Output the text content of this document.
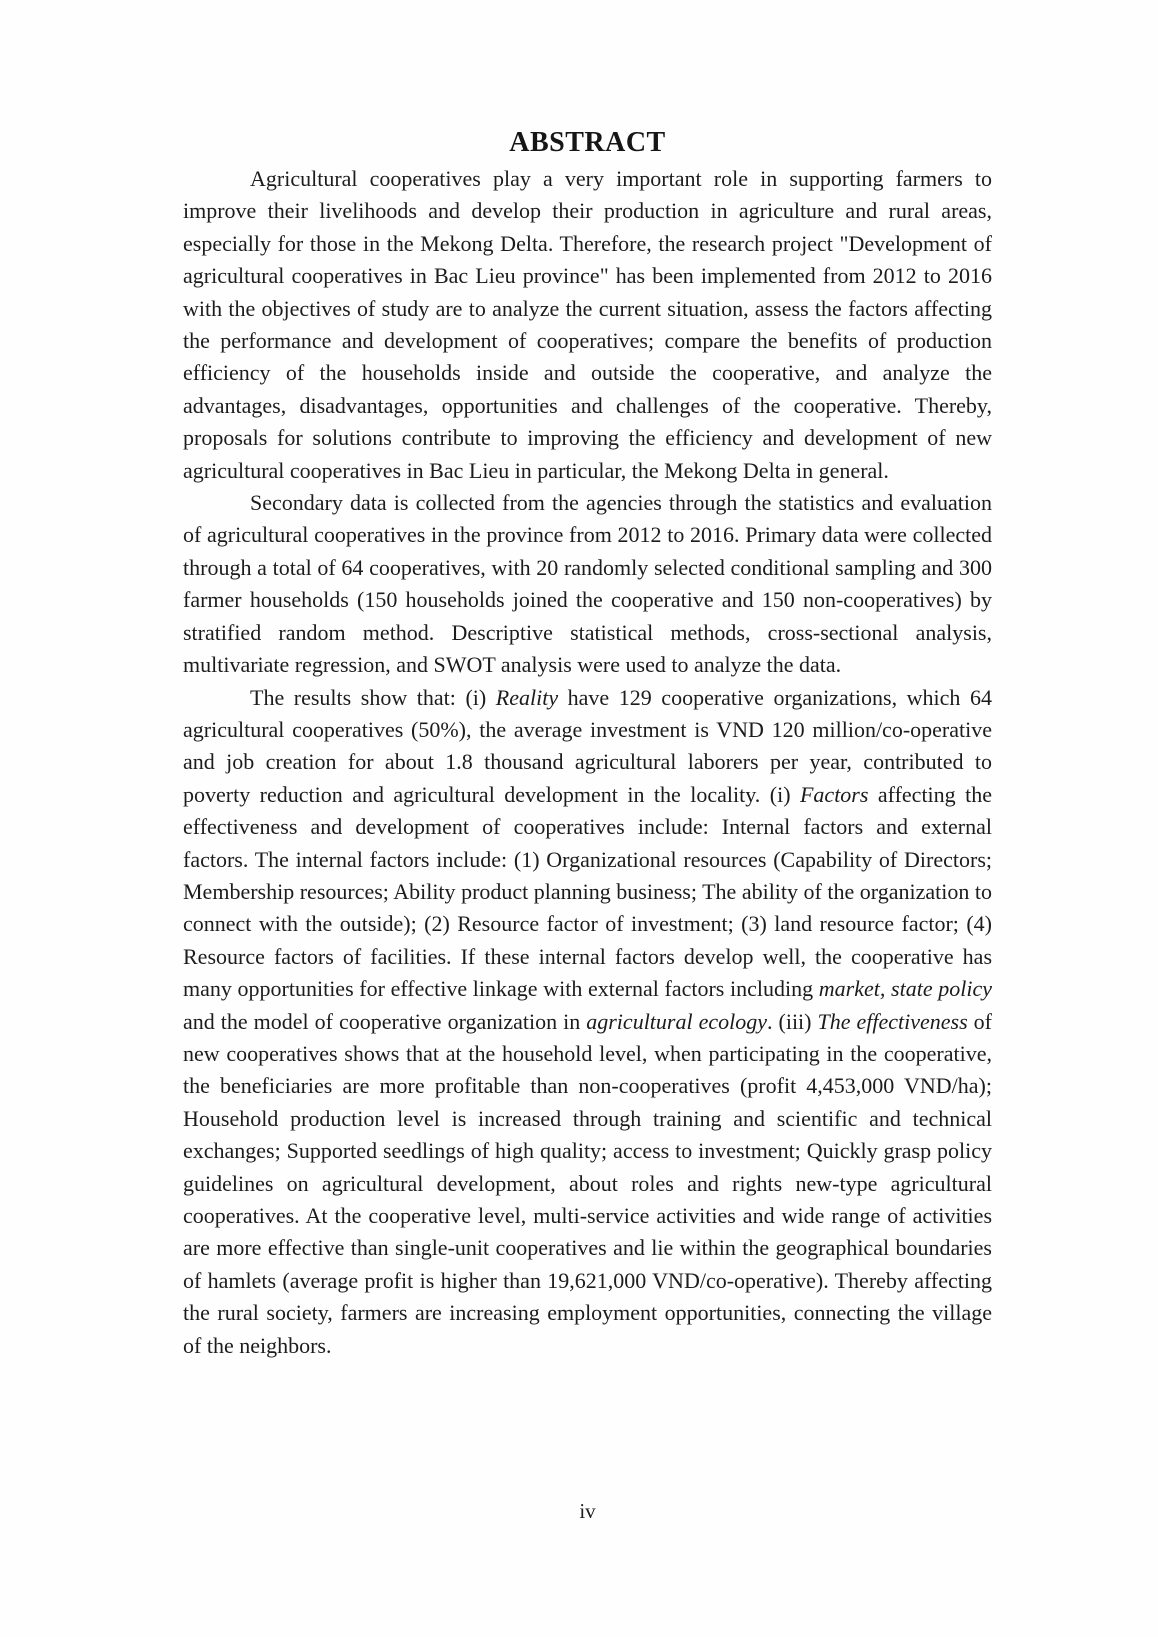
ABSTRACT

Agricultural cooperatives play a very important role in supporting farmers to improve their livelihoods and develop their production in agriculture and rural areas, especially for those in the Mekong Delta. Therefore, the research project "Development of agricultural cooperatives in Bac Lieu province" has been implemented from 2012 to 2016 with the objectives of study are to analyze the current situation, assess the factors affecting the performance and development of cooperatives; compare the benefits of production efficiency of the households inside and outside the cooperative, and analyze the advantages, disadvantages, opportunities and challenges of the cooperative. Thereby, proposals for solutions contribute to improving the efficiency and development of new agricultural cooperatives in Bac Lieu in particular, the Mekong Delta in general.

Secondary data is collected from the agencies through the statistics and evaluation of agricultural cooperatives in the province from 2012 to 2016. Primary data were collected through a total of 64 cooperatives, with 20 randomly selected conditional sampling and 300 farmer households (150 households joined the cooperative and 150 non-cooperatives) by stratified random method. Descriptive statistical methods, cross-sectional analysis, multivariate regression, and SWOT analysis were used to analyze the data.

The results show that: (i) Reality have 129 cooperative organizations, which 64 agricultural cooperatives (50%), the average investment is VND 120 million/co-operative and job creation for about 1.8 thousand agricultural laborers per year, contributed to poverty reduction and agricultural development in the locality. (i) Factors affecting the effectiveness and development of cooperatives include: Internal factors and external factors. The internal factors include: (1) Organizational resources (Capability of Directors; Membership resources; Ability product planning business; The ability of the organization to connect with the outside); (2) Resource factor of investment; (3) land resource factor; (4) Resource factors of facilities. If these internal factors develop well, the cooperative has many opportunities for effective linkage with external factors including market, state policy and the model of cooperative organization in agricultural ecology. (iii) The effectiveness of new cooperatives shows that at the household level, when participating in the cooperative, the beneficiaries are more profitable than non-cooperatives (profit 4,453,000 VND/ha); Household production level is increased through training and scientific and technical exchanges; Supported seedlings of high quality; access to investment; Quickly grasp policy guidelines on agricultural development, about roles and rights new-type agricultural cooperatives. At the cooperative level, multi-service activities and wide range of activities are more effective than single-unit cooperatives and lie within the geographical boundaries of hamlets (average profit is higher than 19,621,000 VND/co-operative). Thereby affecting the rural society, farmers are increasing employment opportunities, connecting the village of the neighbors.

iv
